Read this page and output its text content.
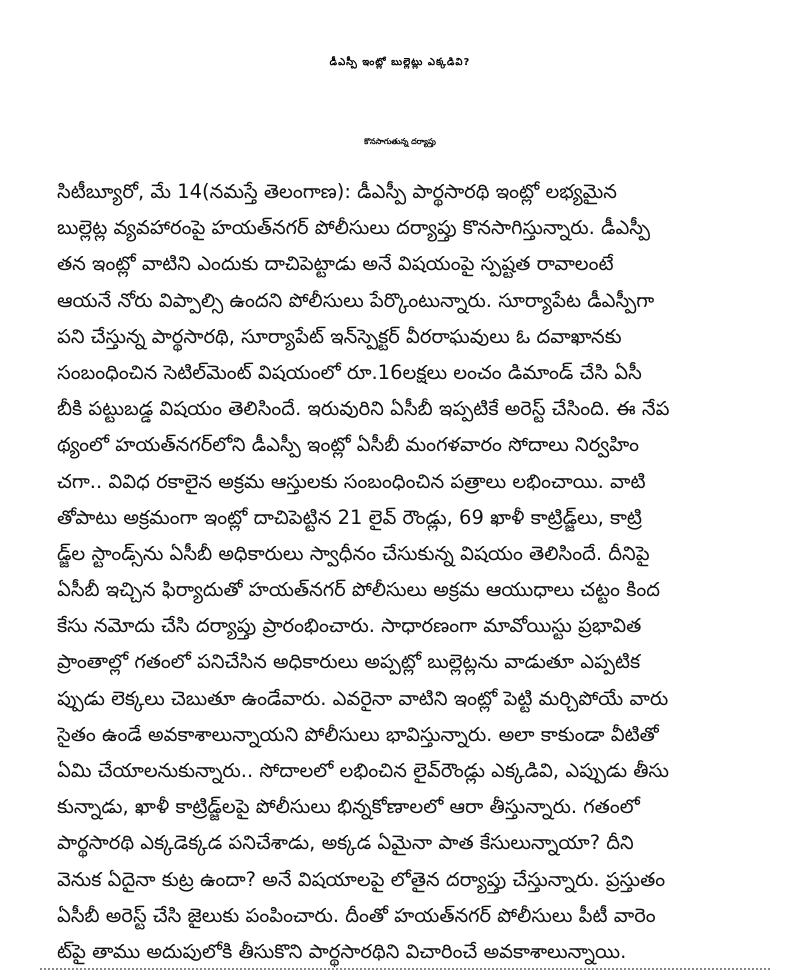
డీఎస్పీ ఇంట్లో బుల్లెట్లు ఎక్కడివి?
కొనసాగుతున్న దర్యాప్తు
సిటీబ్యూరో, మే 14(నమస్తే తెలంగాణ): డీఎస్పీ పార్థసారథి ఇంట్లో లభ్యమైన
బుల్లెట్ల వ్యవహారంపై హయత్‌నగర్ పోలీసులు దర్యాప్తు కొనసాగిస్తున్నారు. డీఎస్పీ
తన ఇంట్లో వాటిని ఎందుకు దాచిపెట్టాడు అనే విషయంపై స్పష్టత రావాలంటే
ఆయనే నోరు విప్పాల్సి ఉందని పోలీసులు పేర్కొంటున్నారు. సూర్యాపేట డీఎస్పీగా
పని చేస్తున్న పార్థసారథి, సూర్యాపేట్ ఇన్‌స్పెక్టర్ వీరరాఘవులు ఓ దవాఖానకు
సంబంధించిన సెటిల్‌మెంట్ విషయంలో రూ.16లక్షలు లంచం డిమాండ్ చేసి ఏసీ
బీకి పట్టుబడ్డ విషయం తెలిసిందే. ఇరువురిని ఏసీబీ ఇప్పటికే అరెస్ట్ చేసింది. ఈ నేప
థ్యంలో హయత్‌నగర్‌లోని డీఎస్పీ ఇంట్లో ఏసీబీ మంగళవారం సోదాలు నిర్వహిం
చగా.. వివిధ రకాలైన అక్రమ ఆస్తులకు సంబంధించిన పత్రాలు లభించాయి. వాటి
తోపాటు అక్రమంగా ఇంట్లో దాచిపెట్టిన 21 లైవ్ రౌండ్లు, 69 ఖాళీ కాట్రిడ్జ్‌లు, కాట్రి
డ్జ్‌ల స్టాండ్స్‌ను ఏసీబీ అధికారులు స్వాధీనం చేసుకున్న విషయం తెలిసిందే. దీనిపై
ఏసీబీ ఇచ్చిన ఫిర్యాదుతో హయత్‌నగర్ పోలీసులు అక్రమ ఆయుధాలు చట్టం కింద
కేసు నమోదు చేసి దర్యాప్తు ప్రారంభించారు. సాధారణంగా మావోయిస్టు ప్రభావిత
ప్రాంతాల్లో గతంలో పనిచేసిన అధికారులు అప్పట్లో బుల్లెట్లను వాడుతూ ఎప్పటిక
ప్పుడు లెక్కలు చెబుతూ ఉండేవారు. ఎవరైనా వాటిని ఇంట్లో పెట్టి మర్చిపోయే వారు
సైతం ఉండే అవకాశాలున్నాయని పోలీసులు భావిస్తున్నారు. అలా కాకుండా వీటితో
ఏమి చేయాలనుకున్నారు.. సోదాలలో లభించిన లైవ్‌రౌండ్లు ఎక్కడివి, ఎప్పుడు తీసు
కున్నాడు, ఖాళీ కాట్రిడ్జ్‌లపై పోలీసులు భిన్నకోణాలలో ఆరా తీస్తున్నారు. గతంలో
పార్థసారథి ఎక్కడెక్కడ పనిచేశాడు, అక్కడ ఏమైనా పాత కేసులున్నాయా? దీని
వెనుక ఏదైనా కుట్ర ఉందా? అనే విషయాలపై లోతైన దర్యాప్తు చేస్తున్నారు. ప్రస్తుతం
ఏసీబీ అరెస్ట్ చేసి జైలుకు పంపించారు. దీంతో హయత్‌నగర్ పోలీసులు పీటీ వారెం
ట్‌పై తాము అదుపులోకి తీసుకొని పార్థసారథిని విచారించే అవకాశాలున్నాయి.
